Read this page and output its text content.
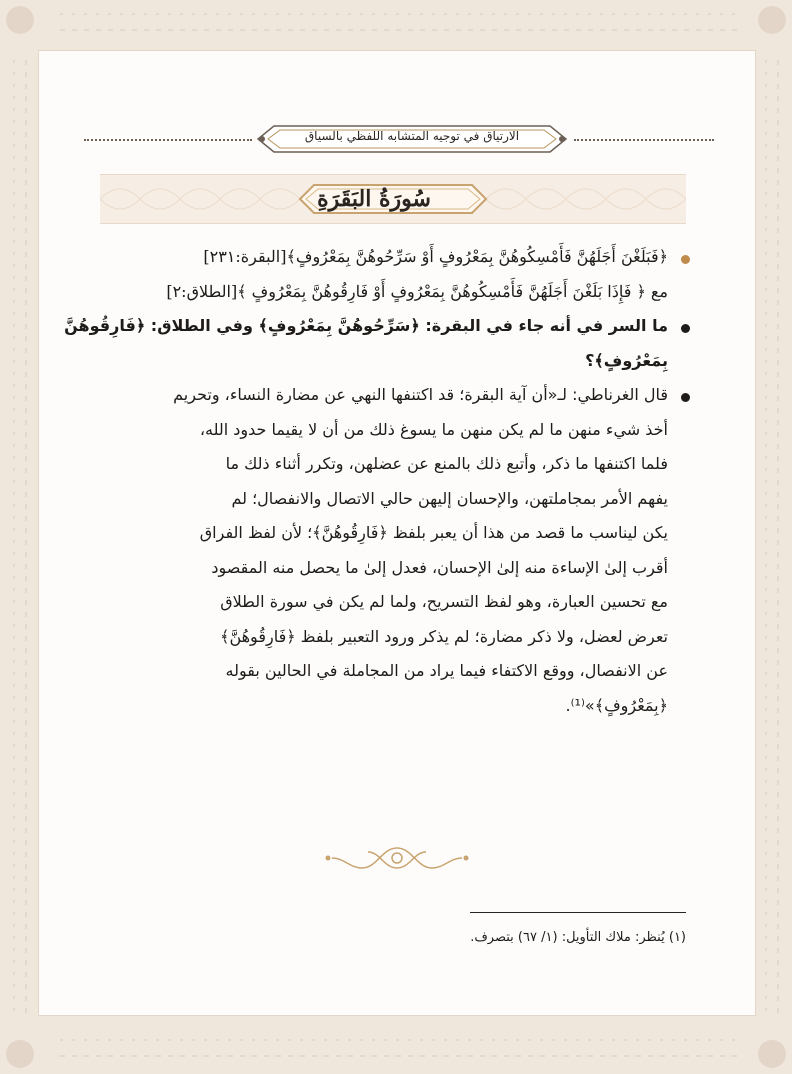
الارتياق في توجيه المتشابه اللفظي بالسياق
سُورَةُ البَقَرَةِ
﴿فَبَلَغْنَ أَجَلَهُنَّ فَأَمْسِكُوهُنَّ بِمَعْرُوفٍ أَوْ سَرِّحُوهُنَّ بِمَعْرُوفٍ﴾[البقرة:٢٣١]
مع ﴿ فَإِذَا بَلَغْنَ أَجَلَهُنَّ فَأَمْسِكُوهُنَّ بِمَعْرُوفٍ أَوْ فَارِقُوهُنَّ بِمَعْرُوفٍ ﴾[الطلاق:٢]
ما السر في أنه جاء في البقرة: ﴿سَرِّحُوهُنَّ بِمَعْرُوفٍ﴾ وفي الطلاق: ﴿فَارِقُوهُنَّ
بِمَعْرُوفٍ﴾؟
قال الغرناطي: لـ«أن آية البقرة؛ قد اكتنفها النهي عن مضارة النساء، وتحريم
أخذ شيء منهن ما لم يكن منهن ما يسوغ ذلك من أن لا يقيما حدود الله،
فلما اكتنفها ما ذكر، وأتبع ذلك بالمنع عن عضلهن، وتكرر أثناء ذلك ما
يفهم الأمر بمجاملتهن، والإحسان إليهن حالي الاتصال والانفصال؛ لم
يكن ليناسب ما قصد من هذا أن يعبر بلفظ ﴿فَارِقُوهُنَّ﴾؛ لأن لفظ الفراق
أقرب إلىٰ الإساءة منه إلىٰ الإحسان، فعدل إلىٰ ما يحصل منه المقصود
مع تحسين العبارة، وهو لفظ التسريح، ولما لم يكن في سورة الطلاق
تعرض لعضل، ولا ذكر مضارة؛ لم يذكر ورود التعبير بلفظ ﴿فَارِقُوهُنَّ﴾
عن الانفصال، ووقع الاكتفاء فيما يراد من المجاملة في الحالين بقوله
﴿بِمَعْرُوفٍ﴾»⁽¹⁾.
(١) يُنظر: ملاك التأويل: (١/ ٦٧) بتصرف.
